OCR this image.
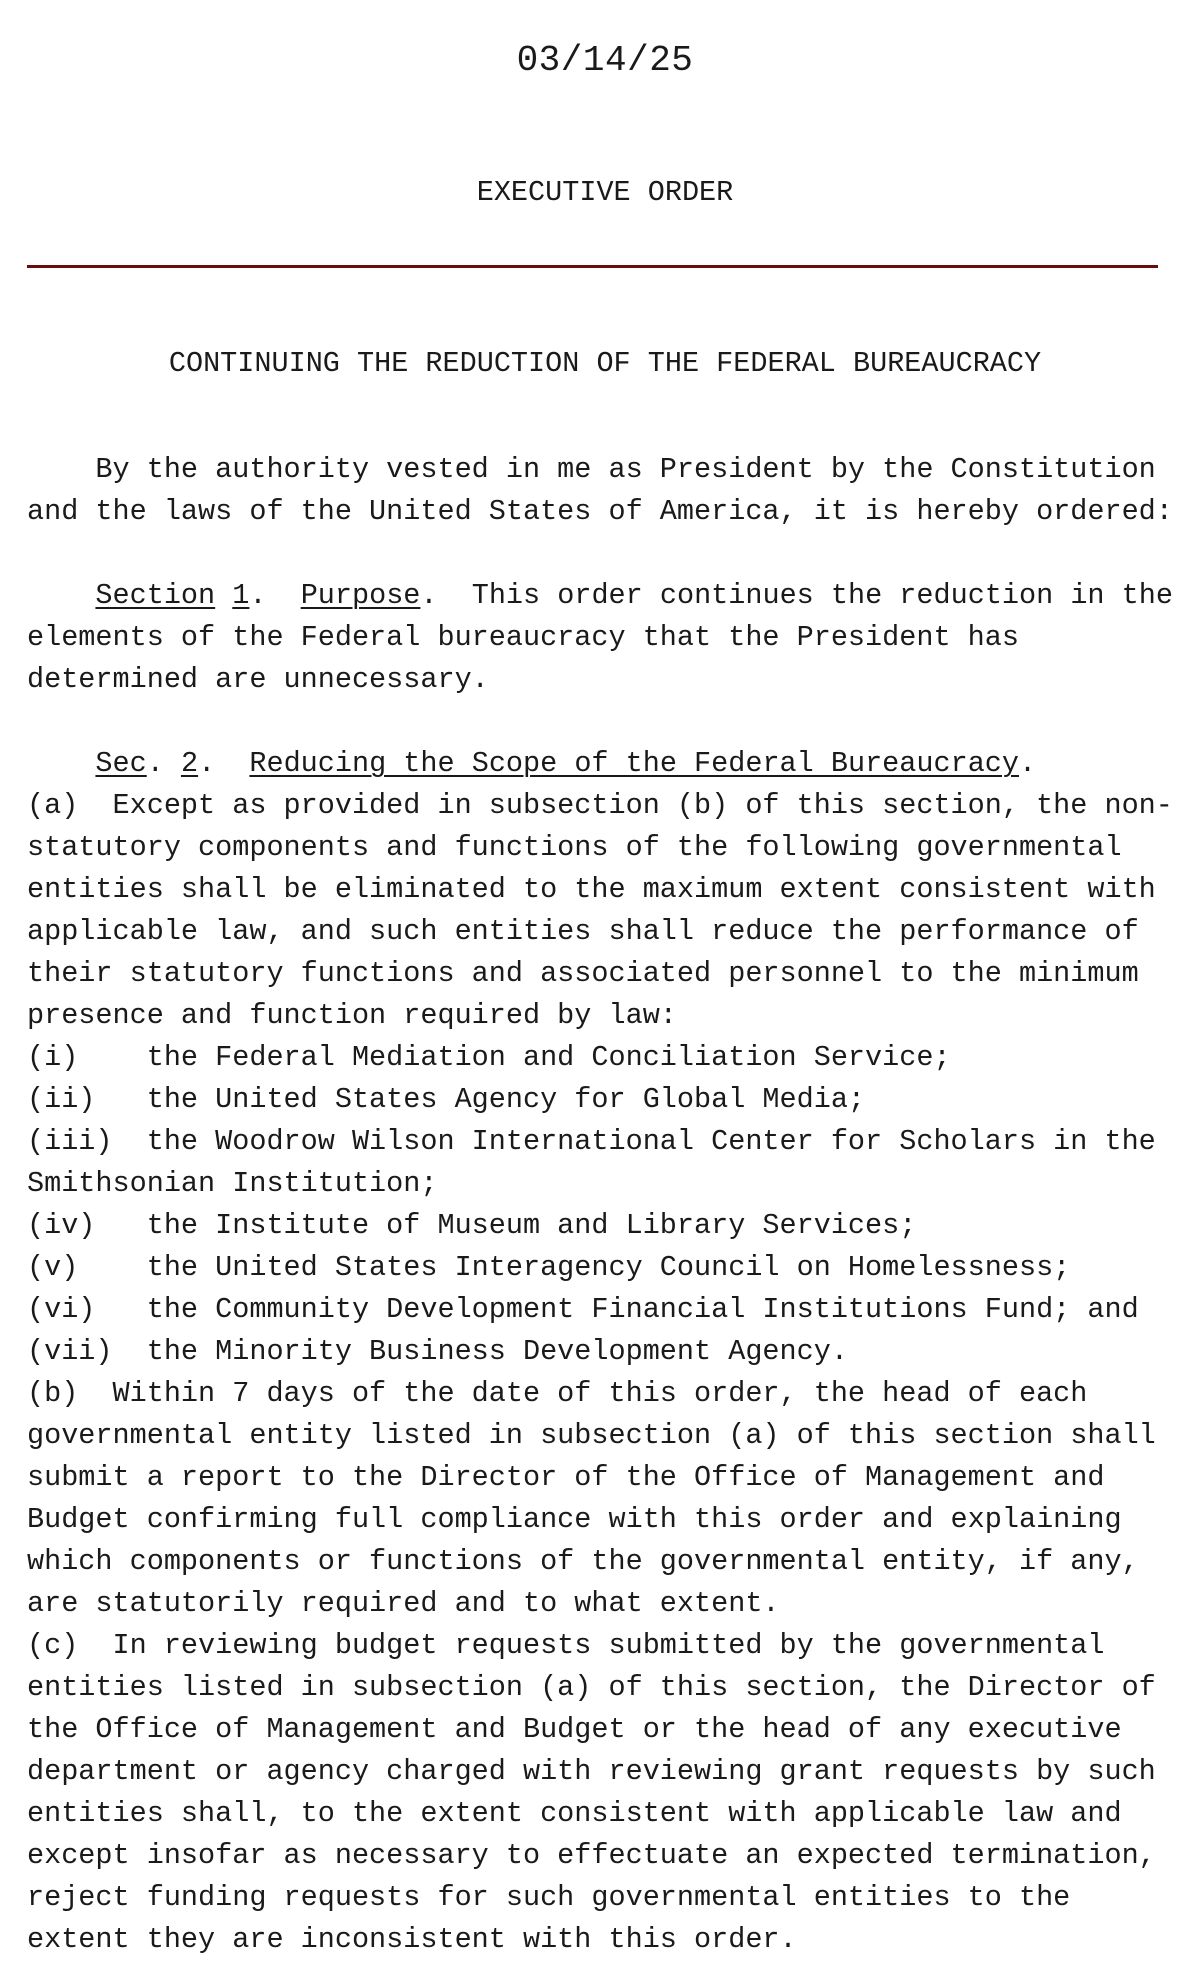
03/14/25
EXECUTIVE ORDER
CONTINUING THE REDUCTION OF THE FEDERAL BUREAUCRACY
By the authority vested in me as President by the Constitution
and the laws of the United States of America, it is hereby ordered:

Section 1.  Purpose.  This order continues the reduction in the
elements of the Federal bureaucracy that the President has
determined are unnecessary.

Sec. 2.  Reducing the Scope of the Federal Bureaucracy.
(a)  Except as provided in subsection (b) of this section, the non-
statutory components and functions of the following governmental
entities shall be eliminated to the maximum extent consistent with
applicable law, and such entities shall reduce the performance of
their statutory functions and associated personnel to the minimum
presence and function required by law:
(i)    the Federal Mediation and Conciliation Service;
(ii)   the United States Agency for Global Media;
(iii)  the Woodrow Wilson International Center for Scholars in the
Smithsonian Institution;
(iv)   the Institute of Museum and Library Services;
(v)    the United States Interagency Council on Homelessness;
(vi)   the Community Development Financial Institutions Fund; and
(vii)  the Minority Business Development Agency.
(b)  Within 7 days of the date of this order, the head of each
governmental entity listed in subsection (a) of this section shall
submit a report to the Director of the Office of Management and
Budget confirming full compliance with this order and explaining
which components or functions of the governmental entity, if any,
are statutorily required and to what extent.
(c)  In reviewing budget requests submitted by the governmental
entities listed in subsection (a) of this section, the Director of
the Office of Management and Budget or the head of any executive
department or agency charged with reviewing grant requests by such
entities shall, to the extent consistent with applicable law and
except insofar as necessary to effectuate an expected termination,
reject funding requests for such governmental entities to the
extent they are inconsistent with this order.
